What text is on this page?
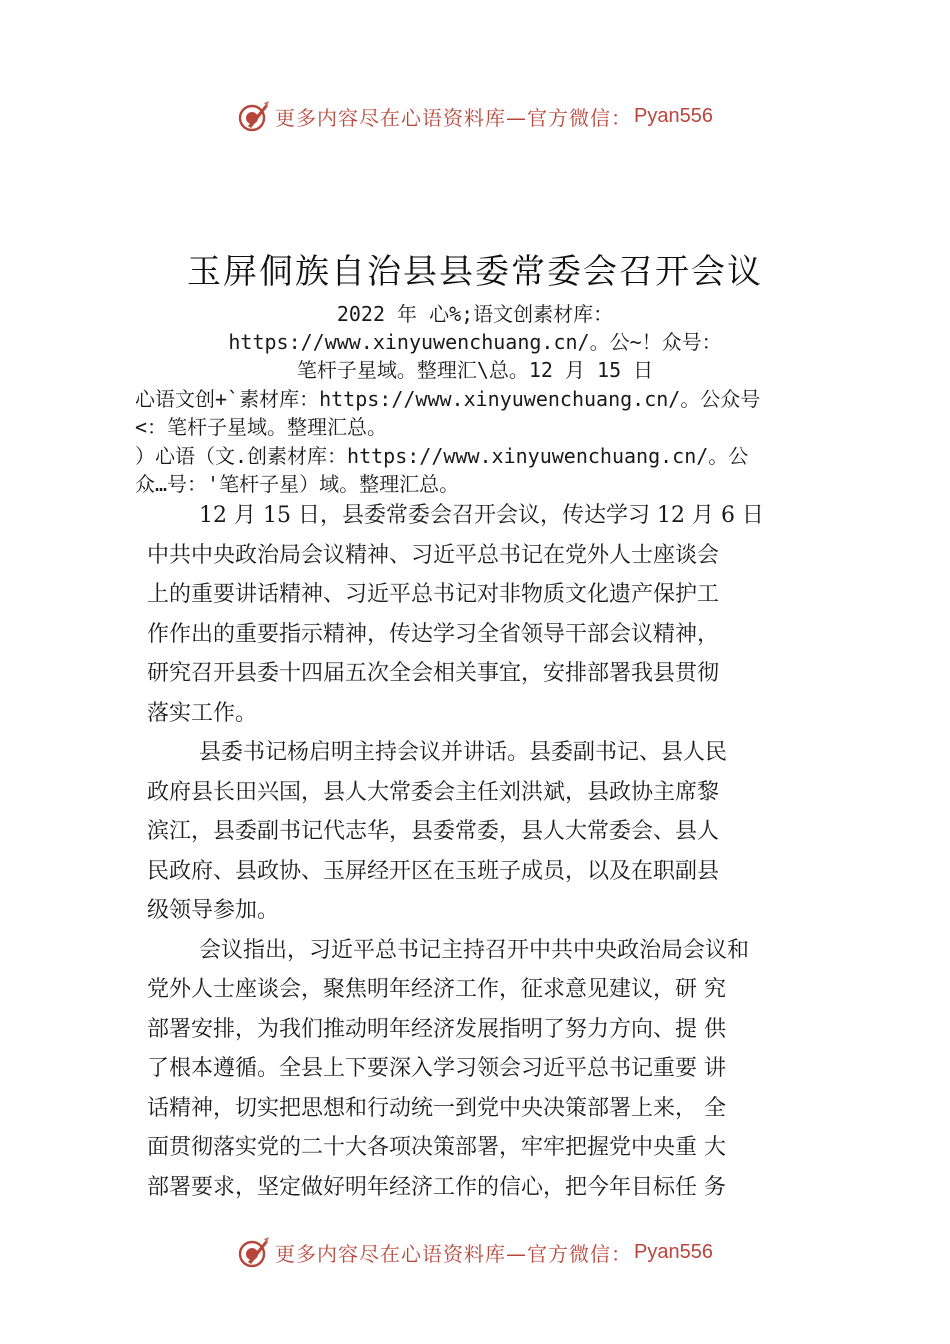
更多内容尽在心语资料库—官方微信： Pyan556
玉屏侗族自治县县委常委会召开会议
2022 年 心%;语文创素材库：
https://www.xinyuwenchuang.cn/。公~！众号：
笔杆子星域。整理汇\总。12 月 15 日
心语文创+`素材库：https://www.xinyuwenchuang.cn/。公众号
<：笔杆子星域。整理汇总。
）心语（文.创素材库：https://www.xinyuwenchuang.cn/。公
众…号：'笔杆子星）域。整理汇总。

12 月 15 日，县委常委会召开会议，传达学习 12 月 6 日
中共中央政治局会议精神、习近平总书记在党外人士座谈会
上的重要讲话精神、习近平总书记对非物质文化遗产保护工
作作出的重要指示精神，传达学习全省领导干部会议精神，
研究召开县委十四届五次全会相关事宜，安排部署我县贯彻
落实工作。

县委书记杨启明主持会议并讲话。县委副书记、县人民
政府县长田兴国，县人大常委会主任刘洪斌，县政协主席黎
滨江，县委副书记代志华，县委常委，县人大常委会、县人
民政府、县政协、玉屏经开区在玉班子成员，以及在职副县
级领导参加。

会议指出，习近平总书记主持召开中共中央政治局会议和
党外人士座谈会，聚焦明年经济工作，征求意见建议，研 究
部署安排，为我们推动明年经济发展指明了努力方向、提 供
了根本遵循。全县上下要深入学习领会习近平总书记重要 讲
话精神，切实把思想和行动统一到党中央决策部署上来， 全
面贯彻落实党的二十大各项决策部署，牢牢把握党中央重 大
部署要求，坚定做好明年经济工作的信心，把今年目标任 务

更多内容尽在心语资料库—官方微信： Pyan556
